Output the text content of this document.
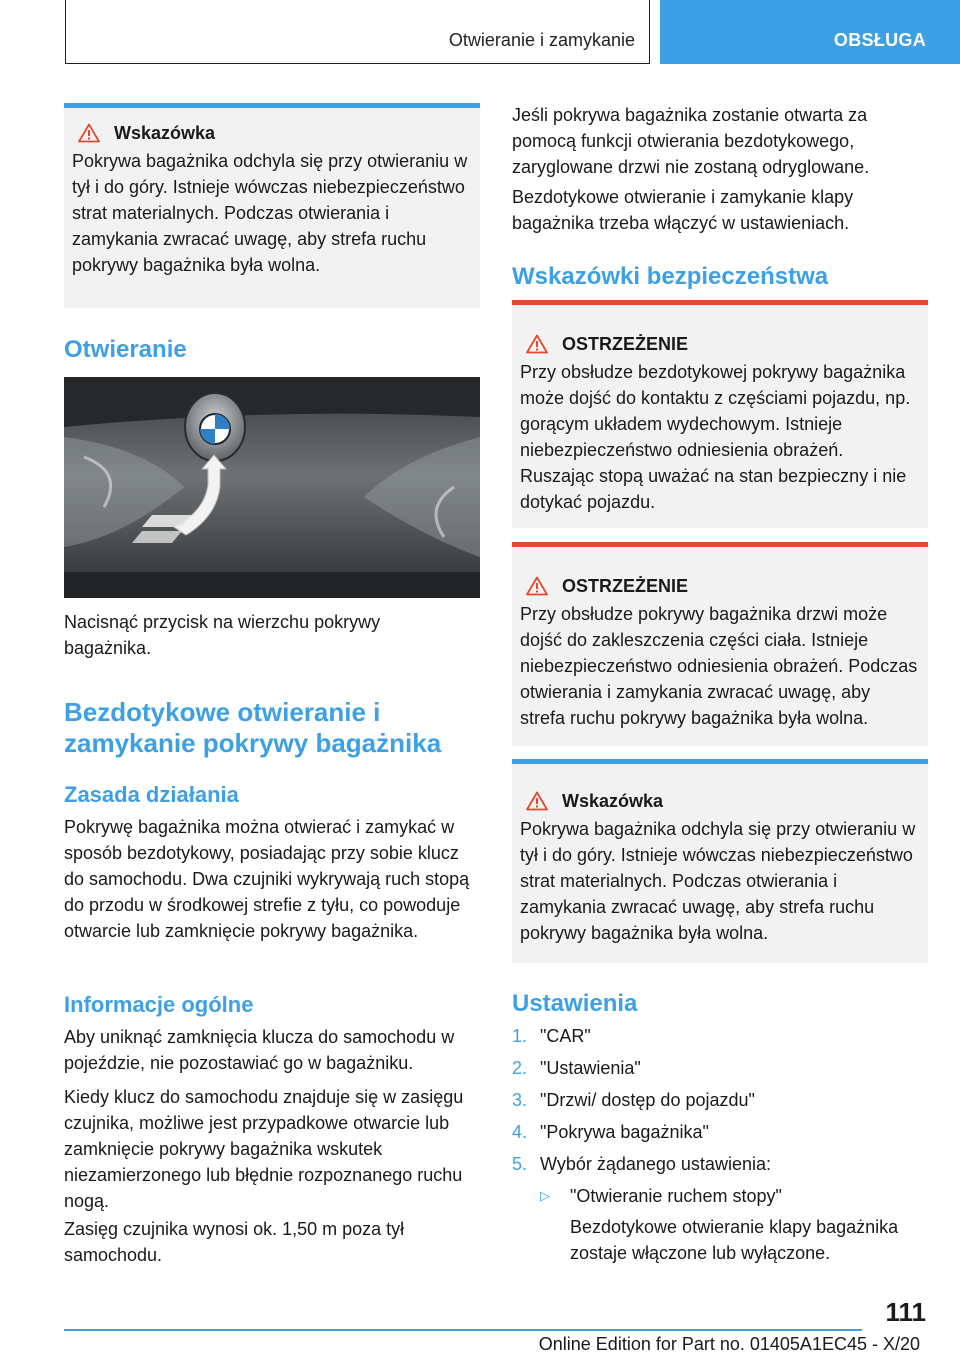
Otwieranie i zamykanie	OBSŁUGA
Wskazówka

Pokrywa bagażnika odchyla się przy otwieraniu w tył i do góry. Istnieje wówczas niebezpieczeństwo strat materialnych. Podczas otwierania i zamykania zwracać uwagę, aby strefa ruchu pokrywy bagażnika była wolna.

Otwieranie

Nacisnąć przycisk na wierzchu pokrywy bagażnika.

Bezdotykowe otwieranie i
zamykanie pokrywy bagażnika
Zasada działania

Pokrywę bagażnika można otwierać i zamykać w sposób bezdotykowy, posiadając przy sobie klucz do samochodu. Dwa czujniki wykrywają ruch stopą do przodu w środkowej strefie z tyłu, co powoduje otwarcie lub zamknięcie pokrywy bagażnika.

Informacje ogólne

Aby uniknąć zamknięcia klucza do samochodu w pojeździe, nie pozostawiać go w bagażniku.

Kiedy klucz do samochodu znajduje się w zasięgu czujnika, możliwe jest przypadkowe otwarcie lub zamknięcie pokrywy bagażnika wskutek niezamierzonego lub błędnie rozpoznanego ruchu nogą.

Zasięg czujnika wynosi ok. 1,50 m poza tył samochodu.

Jeśli pokrywa bagażnika zostanie otwarta za pomocą funkcji otwierania bezdotykowego, zaryglowane drzwi nie zostaną odryglowane.

Bezdotykowe otwieranie i zamykanie klapy bagażnika trzeba włączyć w ustawieniach.

Wskazówki bezpieczeństwa
OSTRZEŻENIE

Przy obsłudze bezdotykowej pokrywy bagażnika może dojść do kontaktu z częściami pojazdu, np. gorącym układem wydechowym. Istnieje niebezpieczeństwo odniesienia obrażeń. Ruszając stopą uważać na stan bezpieczny i nie dotykać pojazdu.

OSTRZEŻENIE

Przy obsłudze pokrywy bagażnika drzwi może dojść do zakleszczenia części ciała. Istnieje niebezpieczeństwo odniesienia obrażeń. Podczas otwierania i zamykania zwracać uwagę, aby strefa ruchu pokrywy bagażnika była wolna.

Wskazówka

Pokrywa bagażnika odchyla się przy otwieraniu w tył i do góry. Istnieje wówczas niebezpieczeństwo strat materialnych. Podczas otwierania i zamykania zwracać uwagę, aby strefa ruchu pokrywy bagażnika była wolna.

Ustawienia
1. "CAR"
2. "Ustawienia"
3. "Drzwi/ dostęp do pojazdu"
4. "Pokrywa bagażnika"
5. Wybór żądanego ustawienia:
▷ "Otwieranie ruchem stopy"
Bezdotykowe otwieranie klapy bagażnika zostaje włączone lub wyłączone.
111
Online Edition for Part no. 01405A1EC45 - X/20
